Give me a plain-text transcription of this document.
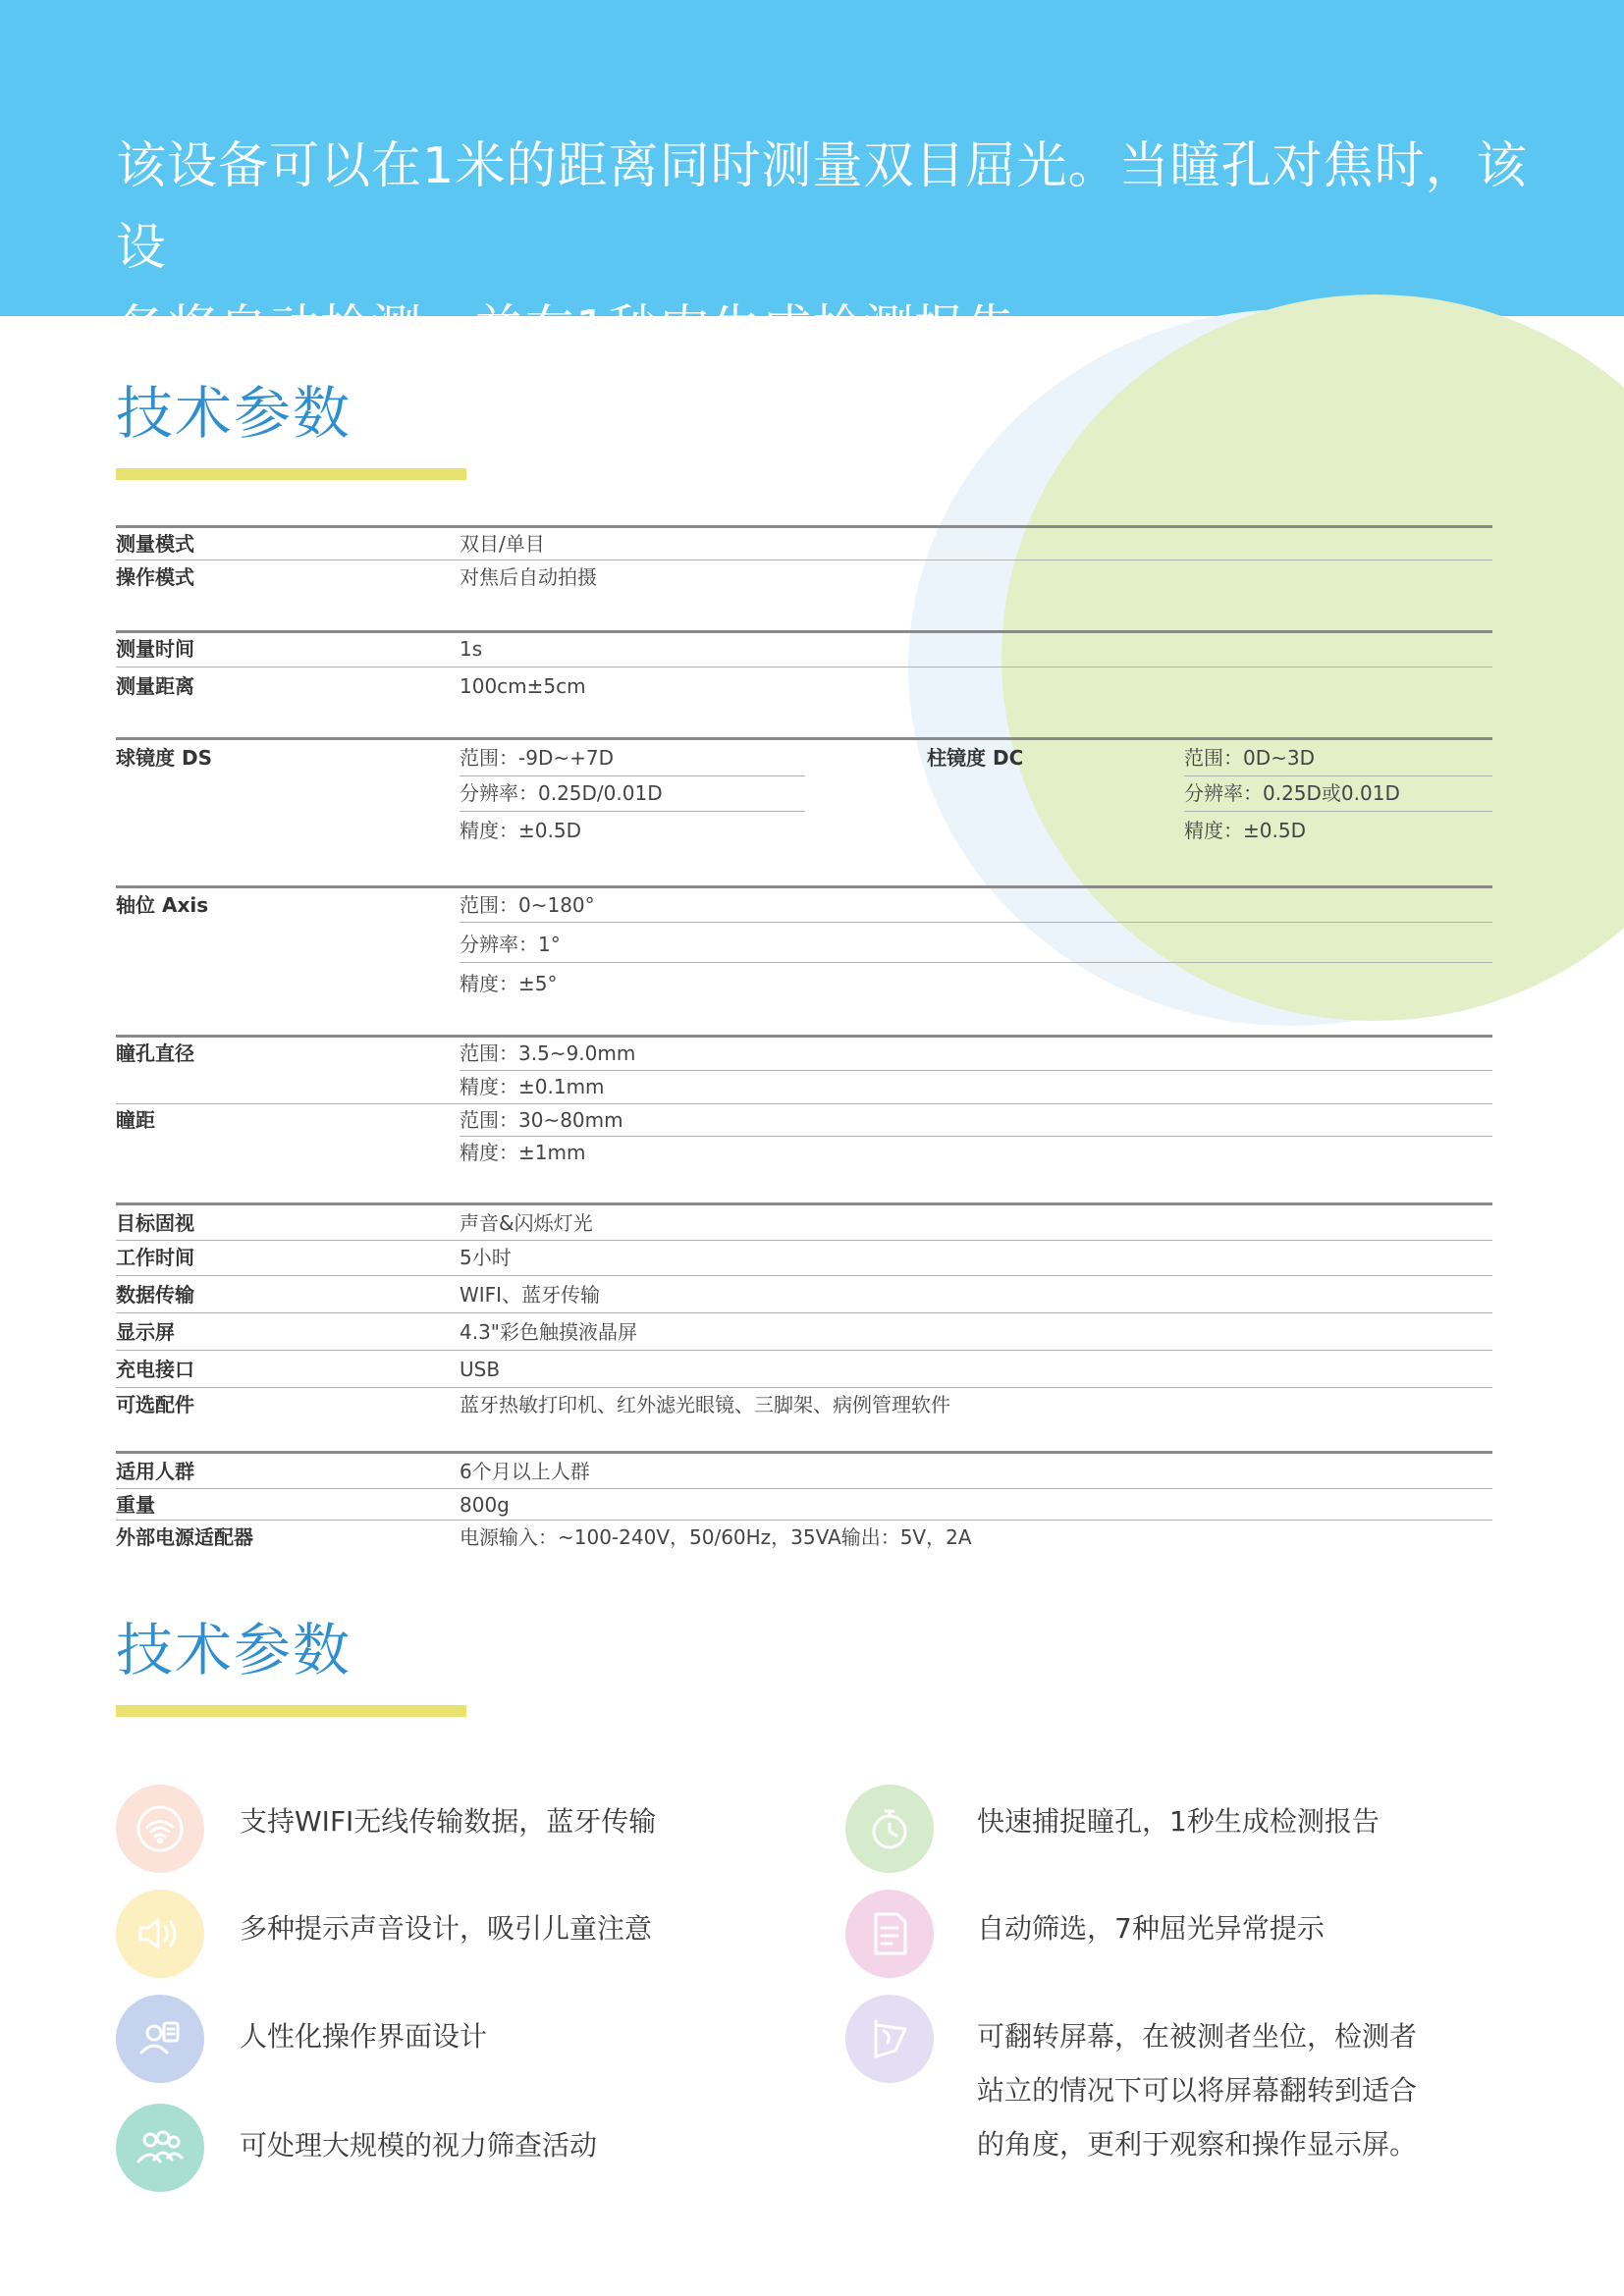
该设备可以在1米的距离同时测量双目屈光。当瞳孔对焦时，该设
备将自动检测，并在1秒内生成检测报告。
技术参数
测量模式	双目/单目
操作模式	对焦后自动拍摄
测量时间	1s
测量距离	100cm±5cm
球镜度 DS	范围：-9D~+7D
分辨率：0.25D/0.01D
精度：±0.5D
柱镜度 DC	范围：0D~3D
分辨率：0.25D或0.01D
精度：±0.5D
轴位 Axis	范围：0~180°
分辨率：1°
精度：±5°
瞳孔直径	范围：3.5~9.0mm
精度：±0.1mm
瞳距	范围：30~80mm
精度：±1mm
目标固视	声音&闪烁灯光
工作时间	5小时
数据传输	WIFI、蓝牙传输
显示屏	4.3"彩色触摸液晶屏
充电接口	USB
可选配件	蓝牙热敏打印机、红外滤光眼镜、三脚架、病例管理软件
适用人群	6个月以上人群
重量	800g
外部电源适配器	电源输入：~100-240V，50/60Hz，35VA输出：5V，2A
技术参数
支持WIFI无线传输数据，蓝牙传输
多种提示声音设计，吸引儿童注意
人性化操作界面设计
可处理大规模的视力筛查活动
快速捕捉瞳孔，1秒生成检测报告
自动筛选，7种屈光异常提示
可翻转屏幕，在被测者坐位，检测者
站立的情况下可以将屏幕翻转到适合
的角度，更利于观察和操作显示屏。
